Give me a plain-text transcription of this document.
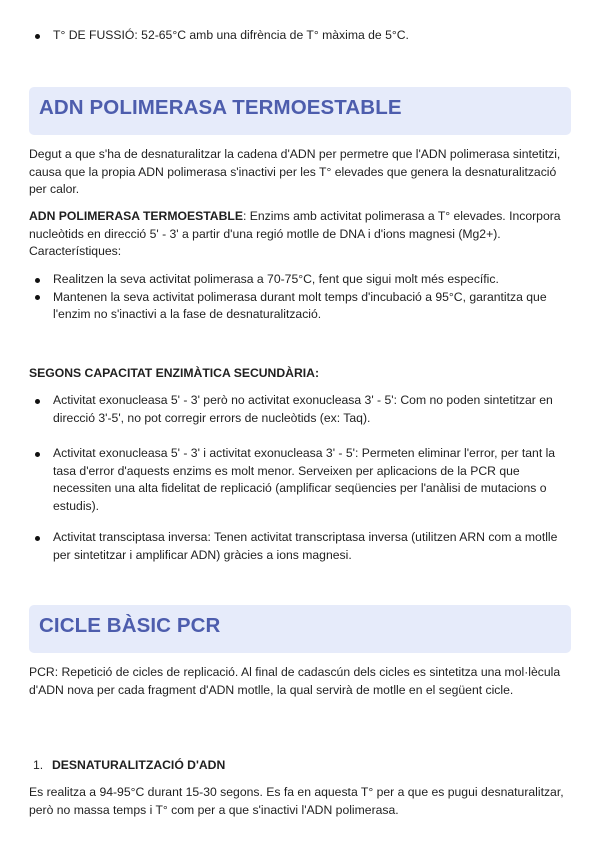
T° DE FUSSIÓ: 52-65°C amb una difrència de T° màxima de 5°C.
ADN POLIMERASA TERMOESTABLE

Degut a que s'ha de desnaturalitzar la cadena d'ADN per permetre que l'ADN polimerasa sintetitzi, causa que la propia ADN polimerasa s'inactivi per les T° elevades que genera la desnaturalització per calor.

ADN POLIMERASA TERMOESTABLE: Enzims amb activitat polimerasa a T° elevades. Incorpora nucleòtids en direcció 5' - 3' a partir d'una regió motlle de DNA i d'ions magnesi (Mg2+). Característiques:

Realitzen la seva activitat polimerasa a 70-75°C, fent que sigui molt més específic.
Mantenen la seva activitat polimerasa durant molt temps d'incubació a 95°C, garantitza que l'enzim no s'inactivi a la fase de desnaturalització.

SEGONS CAPACITAT ENZIMÀTICA SECUNDÀRIA:

Activitat exonucleasa 5' - 3' però no activitat exonucleasa 3' - 5': Com no poden sintetitzar en direcció 3'-5', no pot corregir errors de nucleòtids (ex: Taq).
Activitat exonucleasa 5' - 3' i activitat exonucleasa 3' - 5': Permeten eliminar l'error, per tant la tasa d'error d'aquests enzims es molt menor. Serveixen per aplicacions de la PCR que necessiten una alta fidelitat de replicació (amplificar seqüencies per l'anàlisi de mutacions o estudis).
Activitat transciptasa inversa: Tenen activitat transcriptasa inversa (utilitzen ARN com a motlle per sintetitzar i amplificar ADN) gràcies a ions magnesi.
CICLE BÀSIC PCR

PCR: Repetició de cicles de replicació. Al final de cadascún dels cicles es sintetitza una mol·lècula d'ADN nova per cada fragment d'ADN motlle, la qual servirà de motlle en el següent cicle.

1. DESNATURALITZACIÓ D'ADN

Es realitza a 94-95°C durant 15-30 segons. Es fa en aquesta T° per a que es pugui desnaturalitzar, però no massa temps i T° com per a que s'inactivi l'ADN polimerasa.
